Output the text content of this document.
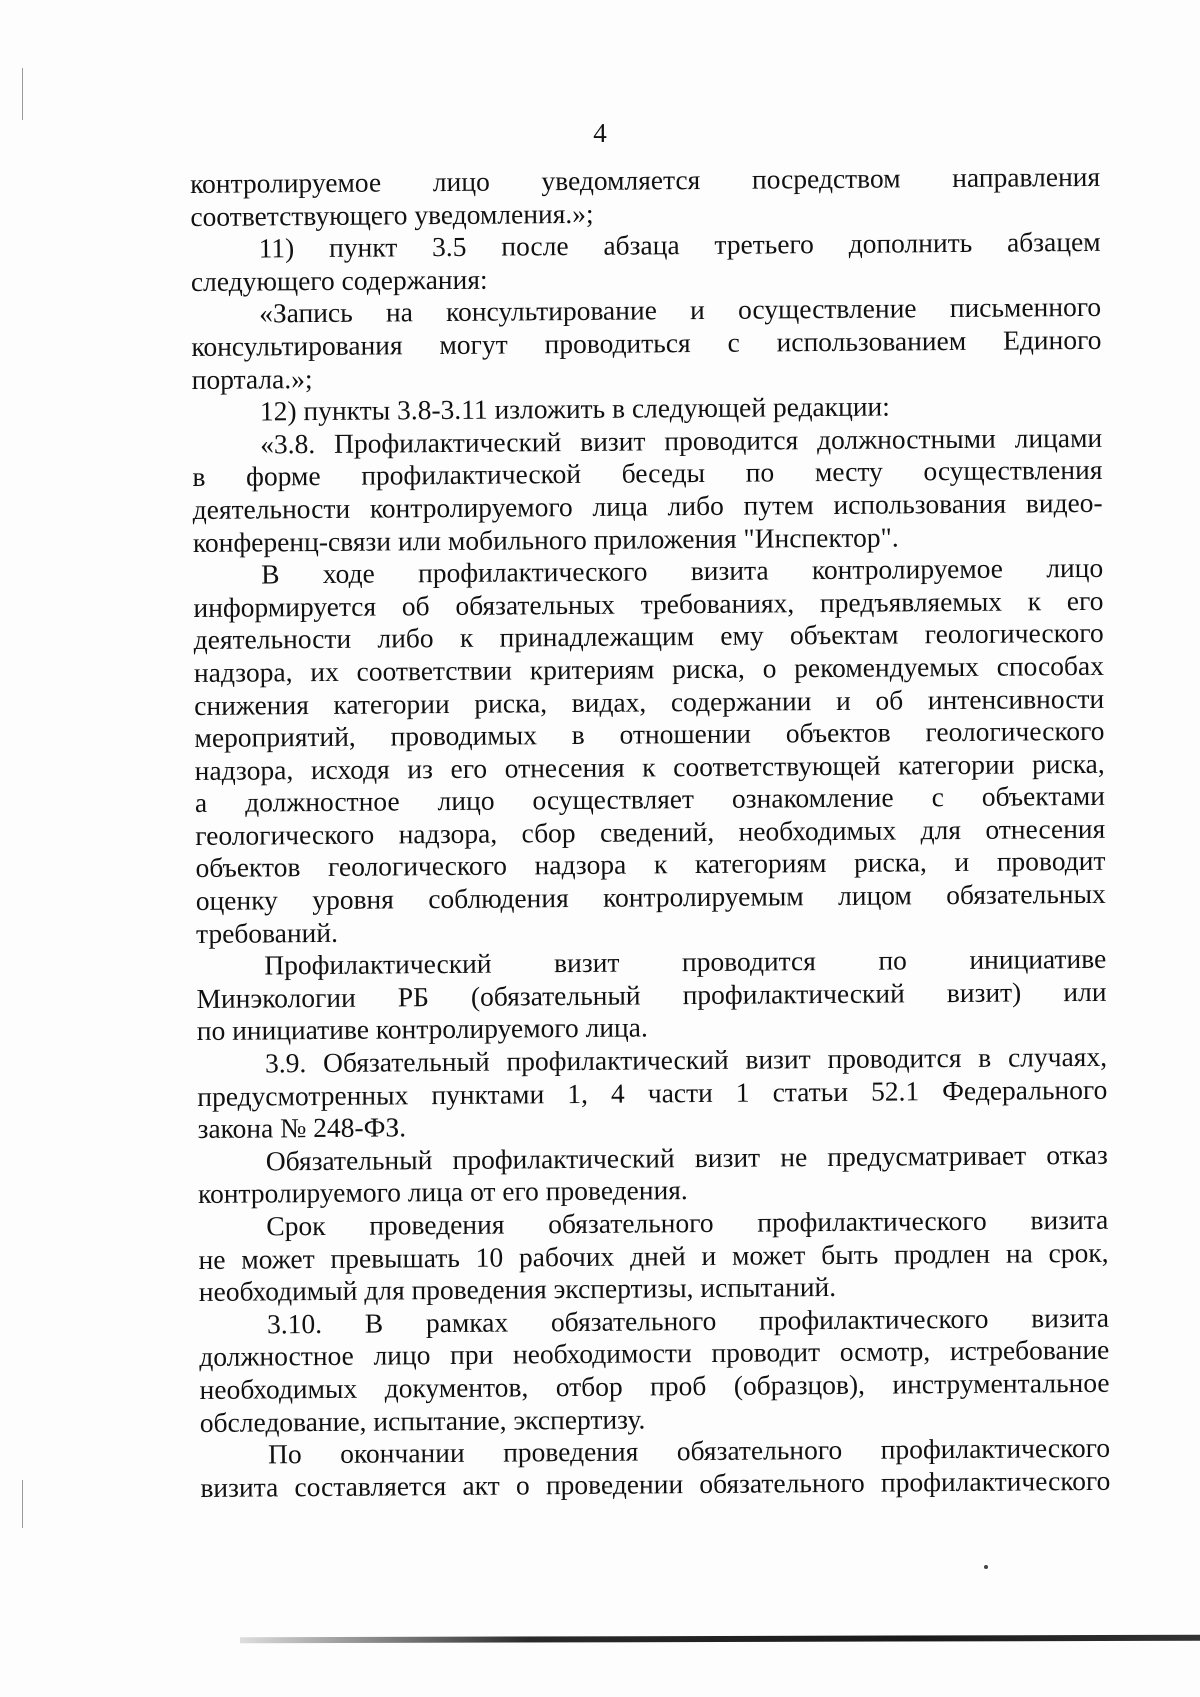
4
контролируемое лицо уведомляется посредством направления
соответствующего уведомления.»;
11) пункт 3.5 после абзаца третьего дополнить абзацем
следующего содержания:
«Запись на консультирование и осуществление письменного
консультирования могут проводиться с использованием Единого
портала.»;
12) пункты 3.8-3.11 изложить в следующей редакции:
«3.8. Профилактический визит проводится должностными лицами
в форме профилактической беседы по месту осуществления
деятельности контролируемого лица либо путем использования видео-
конференц-связи или мобильного приложения "Инспектор".
В ходе профилактического визита контролируемое лицо
информируется об обязательных требованиях, предъявляемых к его
деятельности либо к принадлежащим ему объектам геологического
надзора, их соответствии критериям риска, о рекомендуемых способах
снижения категории риска, видах, содержании и об интенсивности
мероприятий, проводимых в отношении объектов геологического
надзора, исходя из его отнесения к соответствующей категории риска,
а должностное лицо осуществляет ознакомление с объектами
геологического надзора, сбор сведений, необходимых для отнесения
объектов геологического надзора к категориям риска, и проводит
оценку уровня соблюдения контролируемым лицом обязательных
требований.
Профилактический визит проводится по инициативе
Минэкологии РБ (обязательный профилактический визит) или
по инициативе контролируемого лица.
3.9. Обязательный профилактический визит проводится в случаях,
предусмотренных пунктами 1, 4 части 1 статьи 52.1 Федерального
закона № 248-ФЗ.
Обязательный профилактический визит не предусматривает отказ
контролируемого лица от его проведения.
Срок проведения обязательного профилактического визита
не может превышать 10 рабочих дней и может быть продлен на срок,
необходимый для проведения экспертизы, испытаний.
3.10. В рамках обязательного профилактического визита
должностное лицо при необходимости проводит осмотр, истребование
необходимых документов, отбор проб (образцов), инструментальное
обследование, испытание, экспертизу.
По окончании проведения обязательного профилактического
визита составляется акт о проведении обязательного профилактического
